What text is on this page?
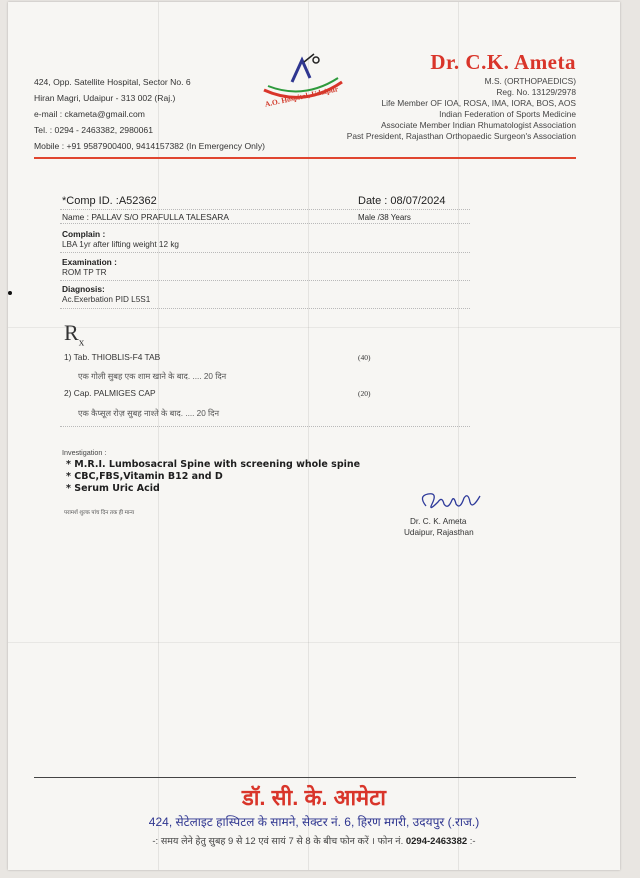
424, Opp. Satellite Hospital, Sector No. 6
Hiran Magri, Udaipur - 313 002 (Raj.)
e-mail : ckameta@gmail.com
Tel. : 0294 - 2463382, 2980061
Mobile : +91 9587900400, 9414157382 (In Emergency Only)
A.O. Hospital, Udaipur
Dr. C.K. Ameta
M.S. (ORTHOPAEDICS)
Reg. No. 13129/2978
Life Member OF IOA, ROSA, IMA, IORA, BOS, AOS
Indian Federation of Sports Medicine
Associate Member Indian Rhumatologist Association
Past President, Rajasthan Orthopaedic Surgeon's Association
*Comp ID. :A52362	Date : 08/07/2024
Name : PALLAV S/O PRAFULLA TALESARA	Male /38 Years
Complain :
LBA 1yr after lifting weight 12 kg
Examination :
ROM TP TR
Diagnosis:
Ac.Exerbation PID L5S1
$R_x$
1) Tab. THIOBLIS-F4 TAB	(40)
एक गोली सुबह एक शाम खाने के बाद. .... 20 दिन
2) Cap. PALMIGES CAP	(20)
एक कैप्सूल रोज़ सुबह नाश्ते के बाद. .... 20 दिन
Investigation :
* M.R.I. Lumbosacral Spine with screening whole spine
* CBC,FBS,Vitamin B12 and D
* Serum Uric Acid
परामर्श शुल्क पांच दिन तक ही मान्य
Dr. C. K. Ameta
Udaipur, Rajasthan
डॉ. सी. के. आमेटा
424, सेटेलाइट हास्पिटल के सामने, सेक्टर नं. 6, हिरण मगरी, उदयपुर (.राज.)
-: समय लेने हेतु सुबह 9 से 12 एवं सायं 7 से 8 के बीच फोन करें । फोन नं. 0294-2463382 :-
